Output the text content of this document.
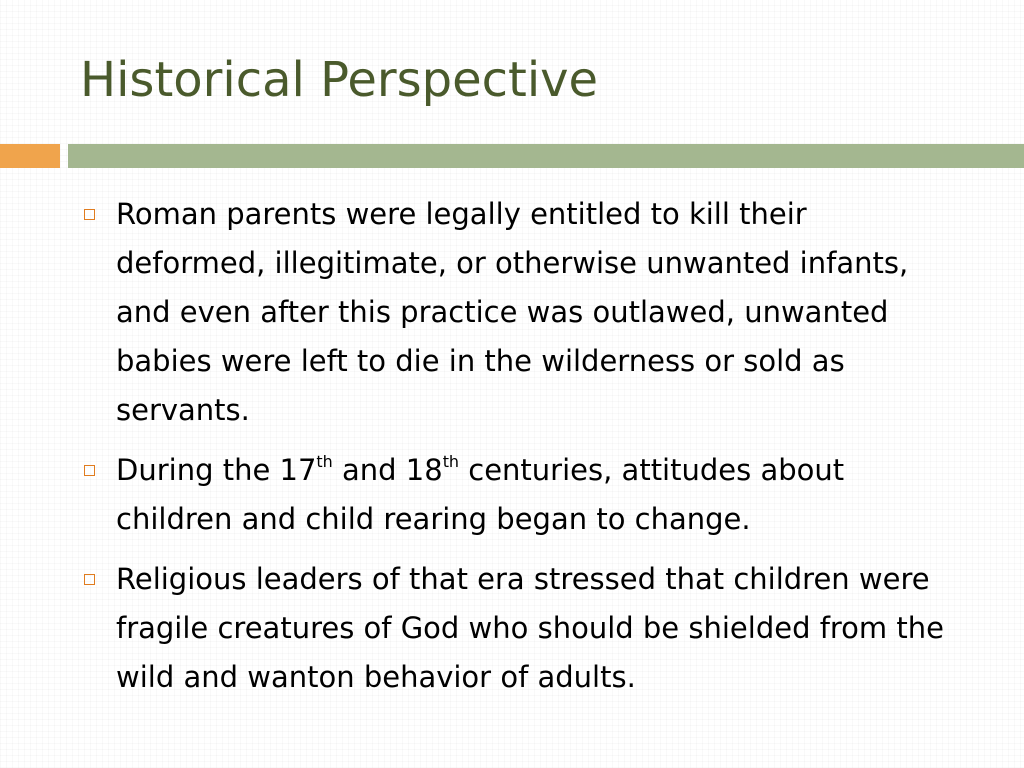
Historical Perspective
Roman parents were legally entitled to kill their deformed, illegitimate, or otherwise unwanted infants, and even after this practice was outlawed, unwanted babies were left to die in the wilderness or sold as servants.
During the 17th and 18th centuries, attitudes about children and child rearing began to change.
Religious leaders of that era stressed that children were fragile creatures of God who should be shielded from the wild and wanton behavior of adults.
